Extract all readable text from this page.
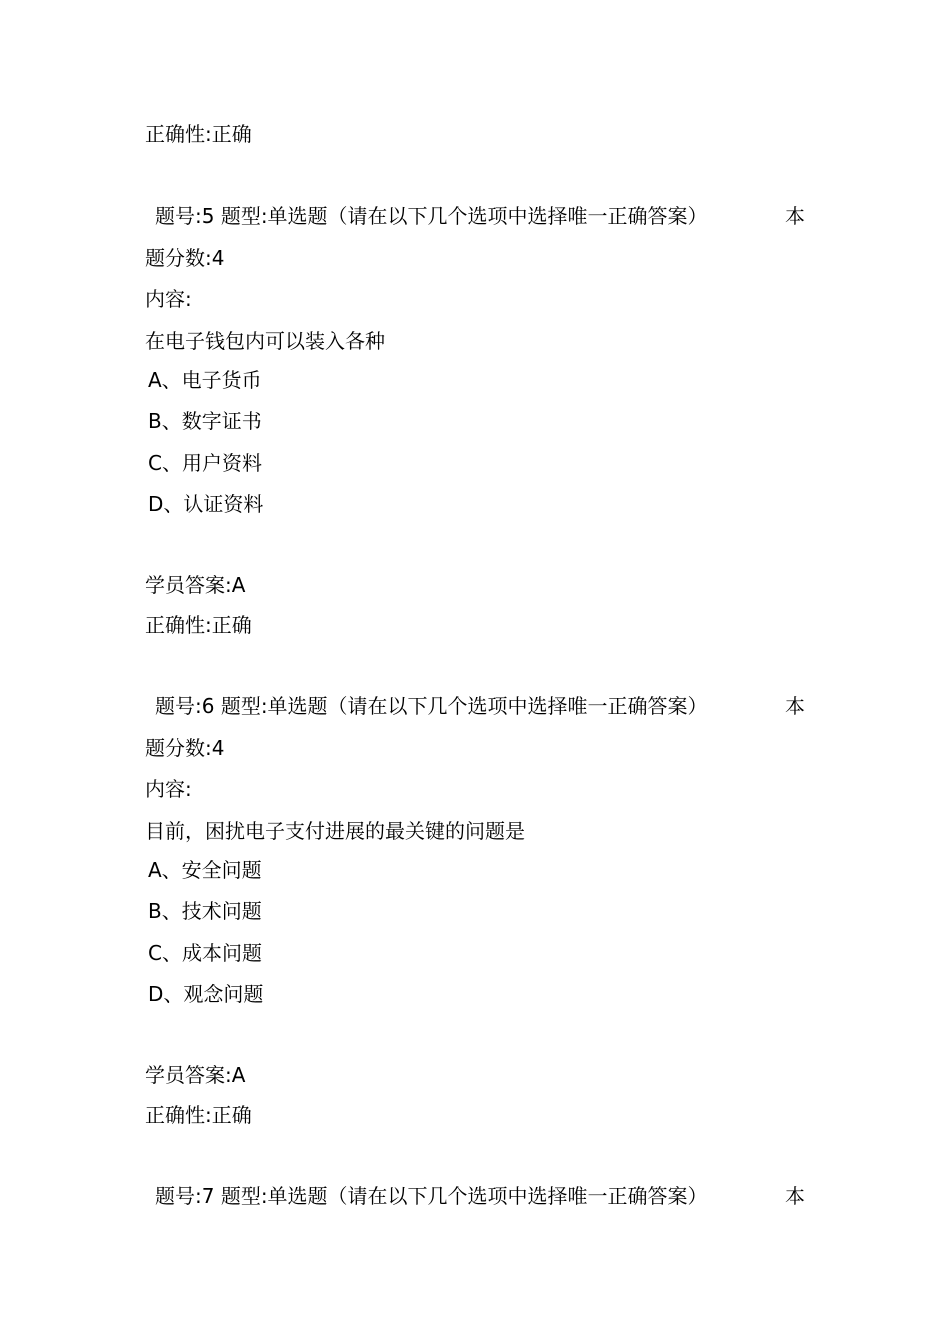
正确性:正确
题号:5 题型:单选题（请在以下几个选项中选择唯一正确答案）	本
题分数:4
内容:
在电子钱包内可以装入各种
A、电子货币
B、数字证书
C、用户资料
D、认证资料
学员答案:A
正确性:正确
题号:6 题型:单选题（请在以下几个选项中选择唯一正确答案）	本
题分数:4
内容:
目前，困扰电子支付进展的最关键的问题是
A、安全问题
B、技术问题
C、成本问题
D、观念问题
学员答案:A
正确性:正确
题号:7 题型:单选题（请在以下几个选项中选择唯一正确答案）	本
